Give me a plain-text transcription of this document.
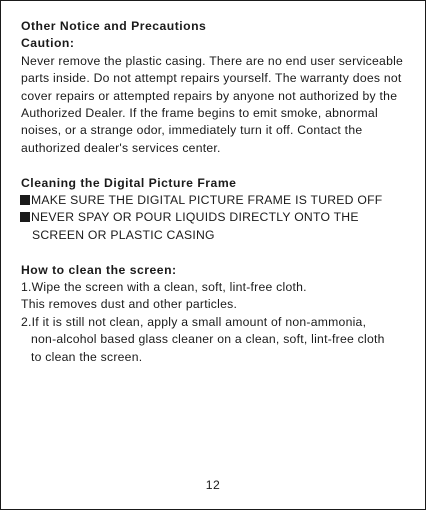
Other Notice and Precautions
Caution:
Never remove the plastic casing. There are no end user serviceable
parts inside. Do not attempt repairs yourself. The warranty does not
cover repairs or attempted repairs by anyone not authorized by the
Authorized Dealer. If the frame begins to emit smoke, abnormal
noises, or a strange odor, immediately turn it off. Contact the
authorized dealer's services center.
Cleaning the Digital Picture Frame
MAKE SURE THE DIGITAL PICTURE FRAME IS TURED OFF
NEVER SPAY OR POUR LIQUIDS DIRECTLY ONTO THE
SCREEN OR PLASTIC CASING
How to clean the screen:
1.Wipe the screen with a clean, soft, lint-free cloth.
This removes dust and other particles.
2.If it is still not clean, apply a small amount of non-ammonia,
non-alcohol based glass cleaner on a clean, soft, lint-free cloth
to clean the screen.
12
